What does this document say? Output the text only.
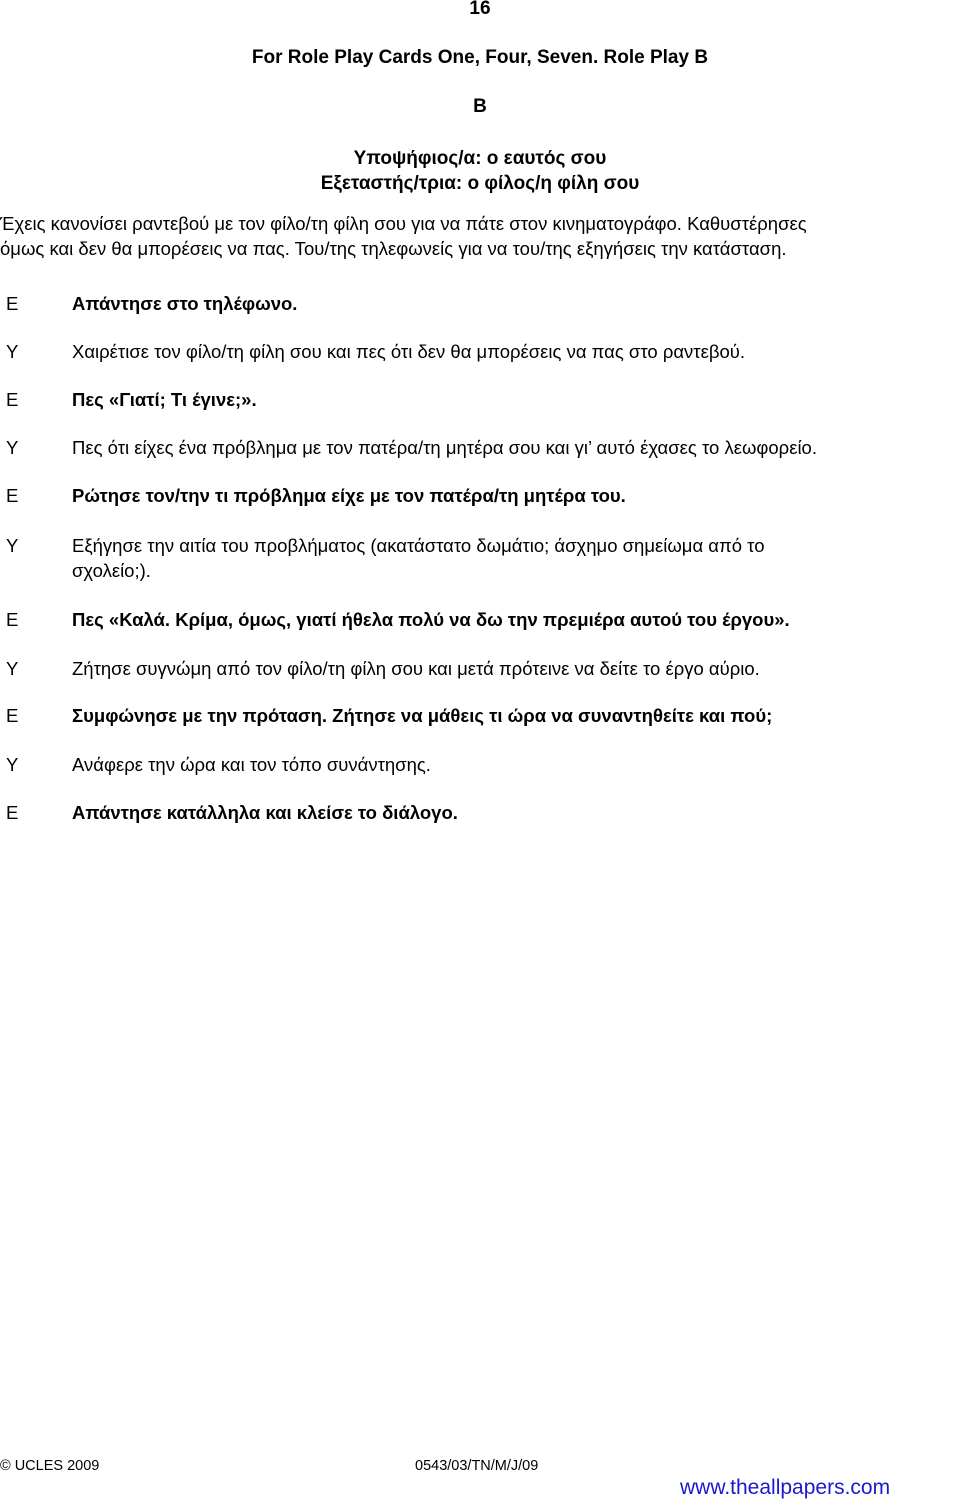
16
For Role Play Cards One, Four, Seven. Role Play B
B
Υποψήφιος/α: ο εαυτός σου
Εξεταστής/τρια: ο φίλος/η φίλη σου
Έχεις κανονίσει ραντεβού με τον φίλο/τη φίλη σου για να πάτε στον κινηματογράφο. Καθυστέρησες
όμως και δεν θα μπορέσεις να πας. Του/της τηλεφωνείς για να του/της εξηγήσεις την κατάσταση.
E	Απάντησε στο τηλέφωνο.
Y	Χαιρέτισε τον φίλο/τη φίλη σου και πες ότι δεν θα μπορέσεις να πας στο ραντεβού.
E	Πες «Γιατί; Τι έγινε;».
Y	Πες ότι είχες ένα πρόβλημα με τον πατέρα/τη μητέρα σου και γι’ αυτό έχασες το λεωφορείο.
E	Ρώτησε τον/την τι πρόβλημα είχε με τον πατέρα/τη μητέρα του.
Y	Εξήγησε την αιτία του προβλήματος (ακατάστατο δωμάτιο; άσχημο σημείωμα από το
σχολείο;).
E	Πες «Καλά. Κρίμα, όμως, γιατί ήθελα πολύ να δω την πρεμιέρα αυτού του έργου».
Y	Ζήτησε συγνώμη από τον φίλο/τη φίλη σου και μετά πρότεινε να δείτε το έργο αύριο.
E	Συμφώνησε με την πρόταση. Ζήτησε να μάθεις τι ώρα να συναντηθείτε και πού;
Y	Ανάφερε την ώρα και τον τόπο συνάντησης.
E	Απάντησε κατάλληλα και κλείσε το διάλογο.
© UCLES 2009	0543/03/TN/M/J/09
www.theallpapers.com
